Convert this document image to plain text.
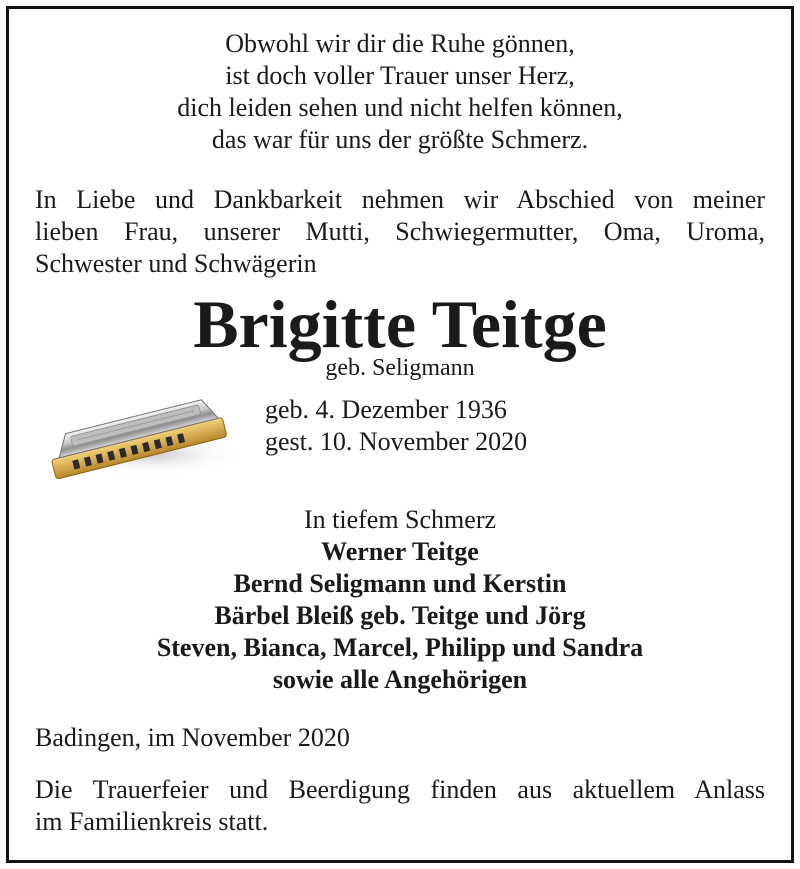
Obwohl wir dir die Ruhe gönnen,
ist doch voller Trauer unser Herz,
dich leiden sehen und nicht helfen können,
das war für uns der größte Schmerz.
In Liebe und Dankbarkeit nehmen wir Abschied von meiner
lieben Frau, unserer Mutti, Schwiegermutter, Oma, Uroma,
Schwester und Schwägerin
Brigitte Teitge
geb. Seligmann
geb. 4. Dezember 1936
gest. 10. November 2020
In tiefem Schmerz
Werner Teitge
Bernd Seligmann und Kerstin
Bärbel Bleiß geb. Teitge und Jörg
Steven, Bianca, Marcel, Philipp und Sandra
sowie alle Angehörigen
Badingen, im November 2020
Die Trauerfeier und Beerdigung finden aus aktuellem Anlass
im Familienkreis statt.
